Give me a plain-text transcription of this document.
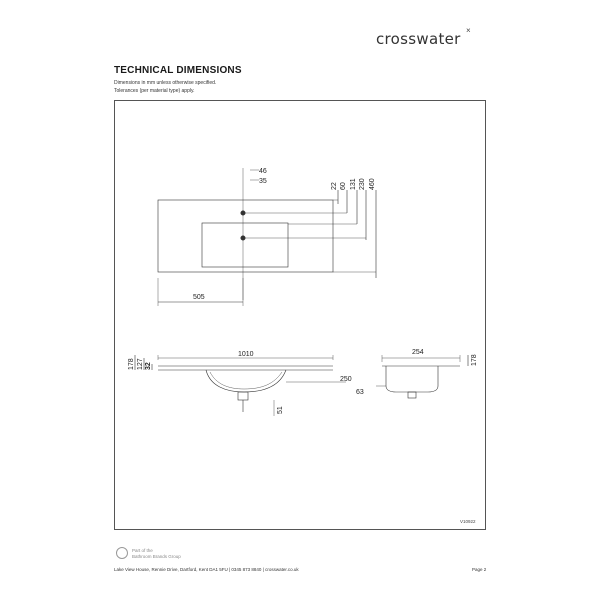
crosswater ×
TECHNICAL DIMENSIONS
Dimensions in mm unless otherwise specified.
Tolerances (per material type) apply.
46
35
505
22 60 131 230 460
1010
178 127 32
250
51
254
178
63
V10922
Part of the
Bathroom Brands Group
Lake View House, Rennie Drive, Dartford, Kent DA1 5FU | 0345 873 8840 | crosswater.co.uk	Page 2
